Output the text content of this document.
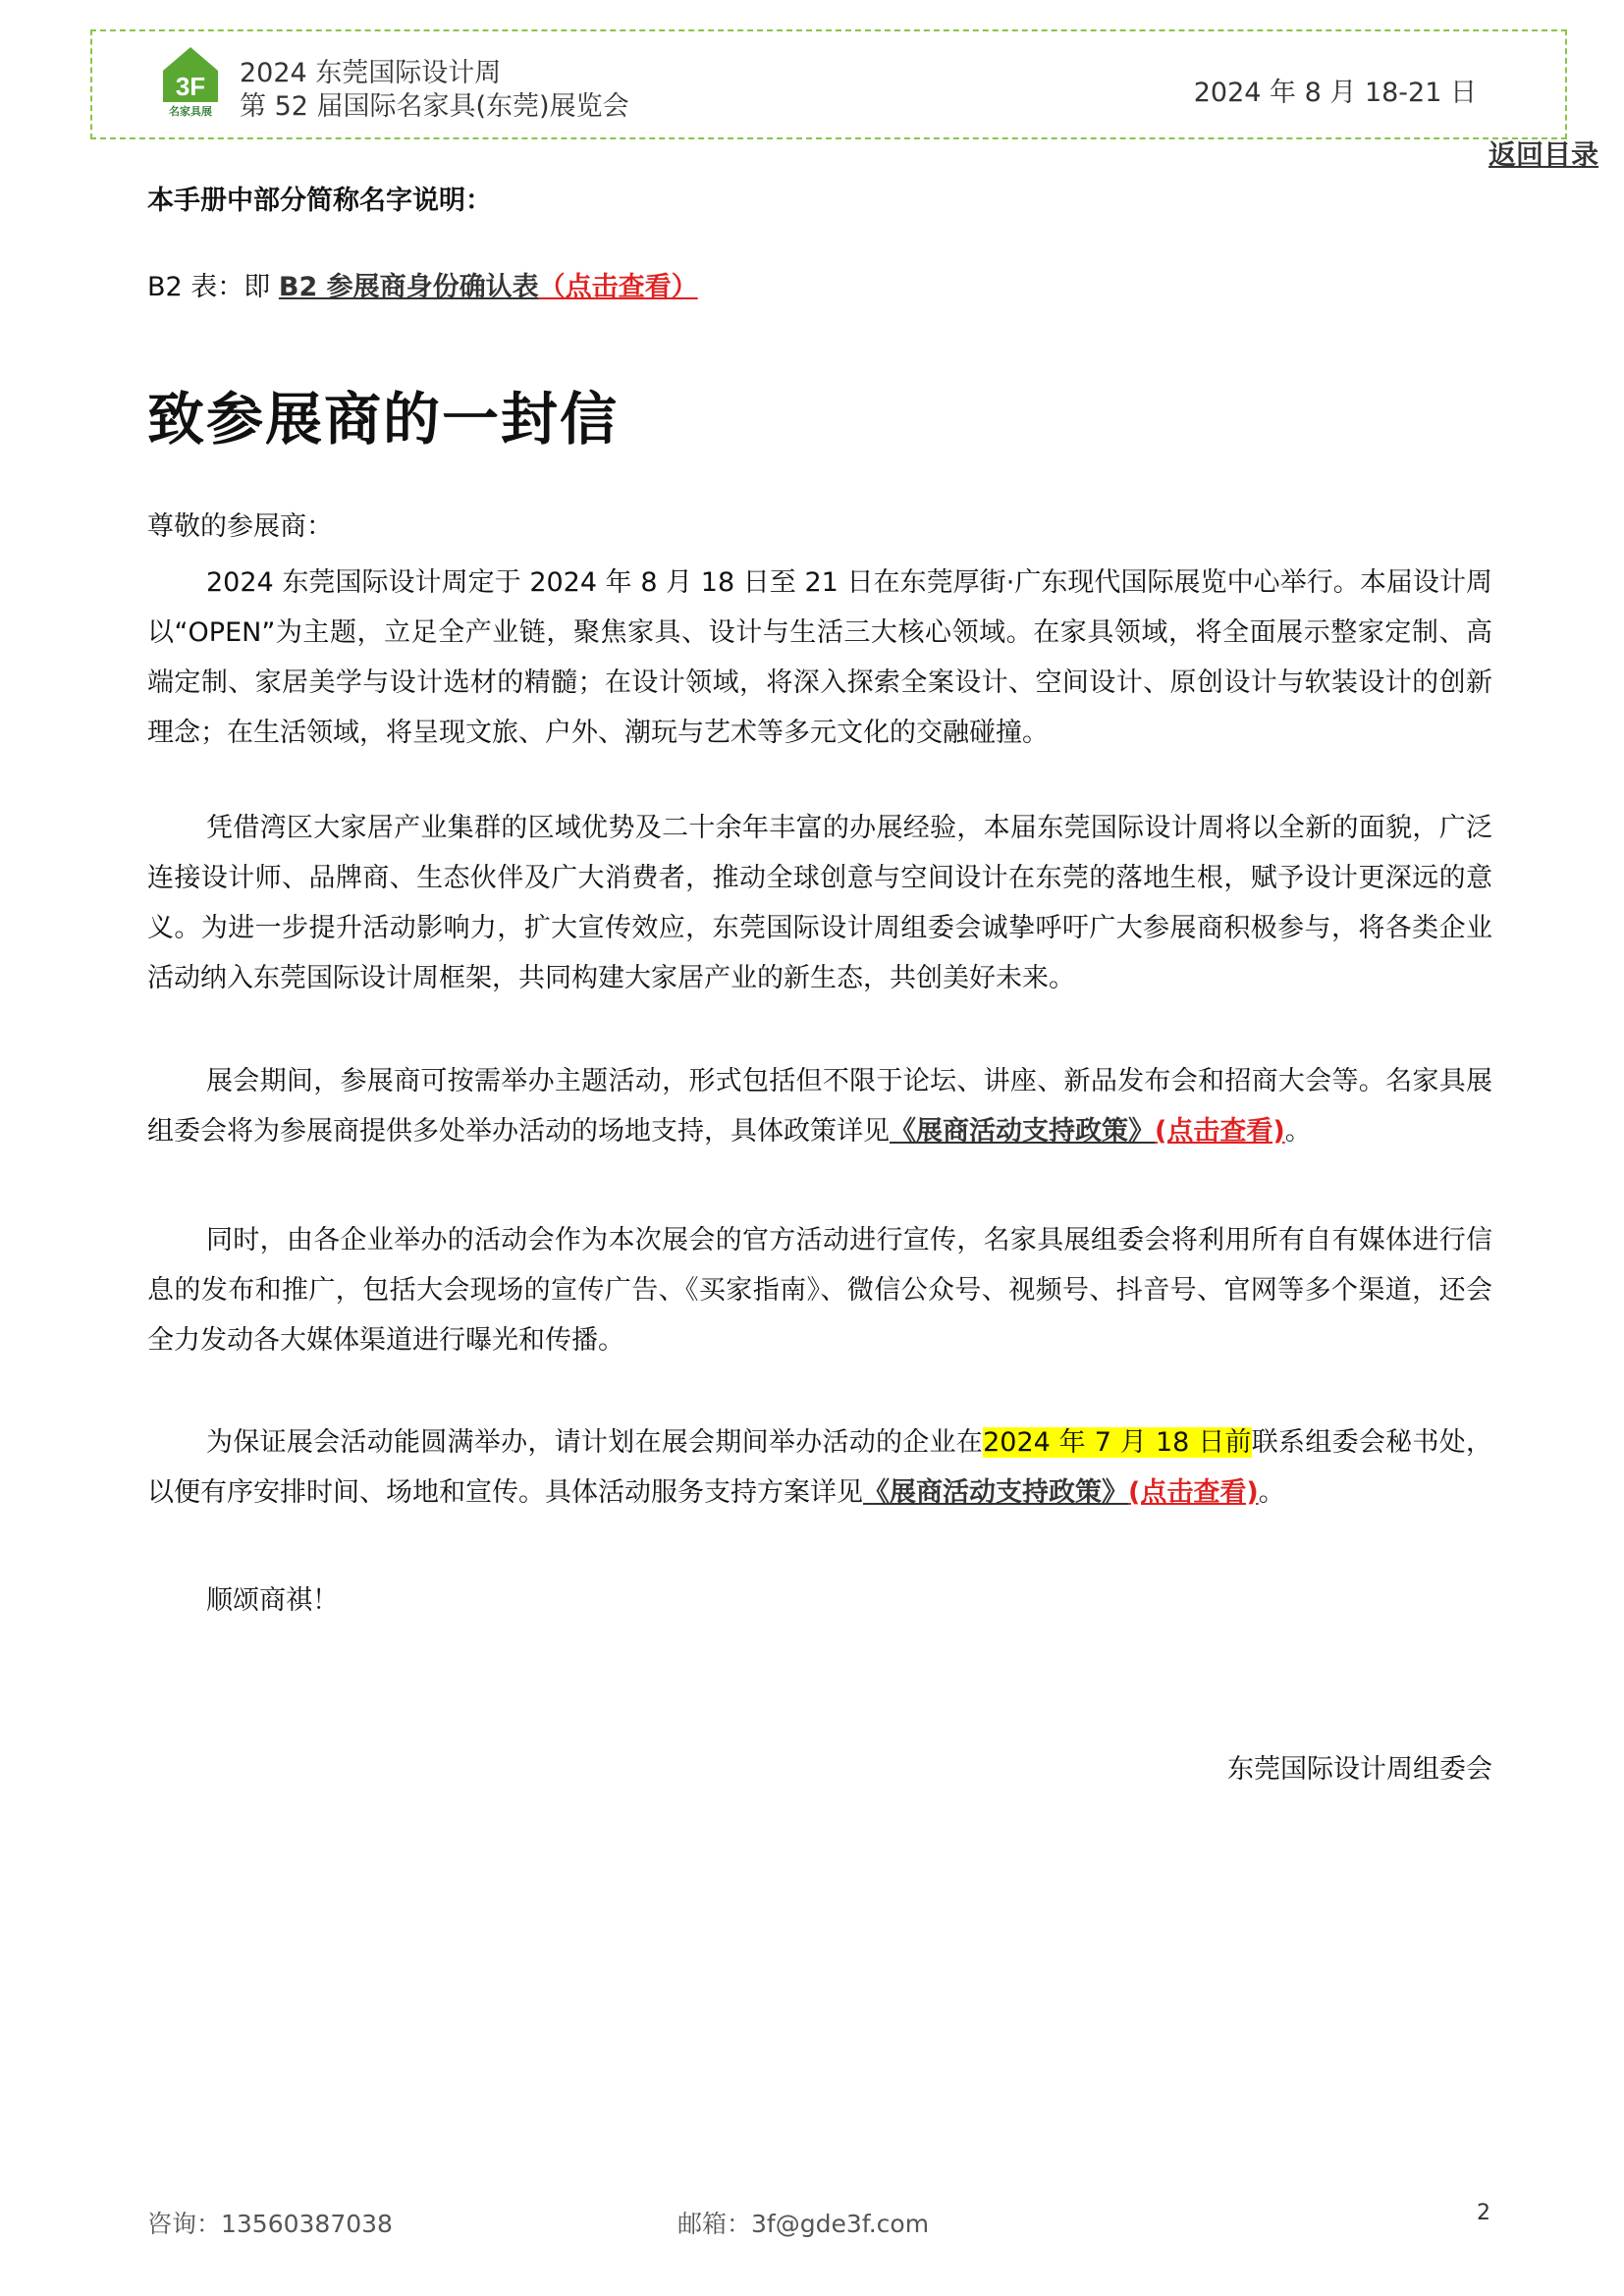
3F
名家具展
2024 东莞国际设计周
第 52 届国际名家具(东莞)展览会	2024 年 8 月 18-21 日
返回目录
本手册中部分简称名字说明：
B2 表：即 B2 参展商身份确认表（点击查看）
致参展商的一封信
尊敬的参展商：
2024 东莞国际设计周定于 2024 年 8 月 18 日至 21 日在东莞厚街·广东现代国际展览中心举行。本届设计周以“OPEN”为主题，立足全产业链，聚焦家具、设计与生活三大核心领域。在家具领域，将全面展示整家定制、高端定制、家居美学与设计选材的精髓；在设计领域，将深入探索全案设计、空间设计、原创设计与软装设计的创新理念；在生活领域，将呈现文旅、户外、潮玩与艺术等多元文化的交融碰撞。
凭借湾区大家居产业集群的区域优势及二十余年丰富的办展经验，本届东莞国际设计周将以全新的面貌，广泛连接设计师、品牌商、生态伙伴及广大消费者，推动全球创意与空间设计在东莞的落地生根，赋予设计更深远的意义。为进一步提升活动影响力，扩大宣传效应，东莞国际设计周组委会诚挚呼吁广大参展商积极参与，将各类企业活动纳入东莞国际设计周框架，共同构建大家居产业的新生态，共创美好未来。
展会期间，参展商可按需举办主题活动，形式包括但不限于论坛、讲座、新品发布会和招商大会等。名家具展组委会将为参展商提供多处举办活动的场地支持，具体政策详见《展商活动支持政策》(点击查看)。
同时，由各企业举办的活动会作为本次展会的官方活动进行宣传，名家具展组委会将利用所有自有媒体进行信息的发布和推广，包括大会现场的宣传广告、《买家指南》、微信公众号、视频号、抖音号、官网等多个渠道，还会全力发动各大媒体渠道进行曝光和传播。
为保证展会活动能圆满举办，请计划在展会期间举办活动的企业在2024 年 7 月 18 日前联系组委会秘书处，以便有序安排时间、场地和宣传。具体活动服务支持方案详见《展商活动支持政策》(点击查看)。
顺颂商祺！
东莞国际设计周组委会
咨询：13560387038	邮箱：3f@gde3f.com	2
